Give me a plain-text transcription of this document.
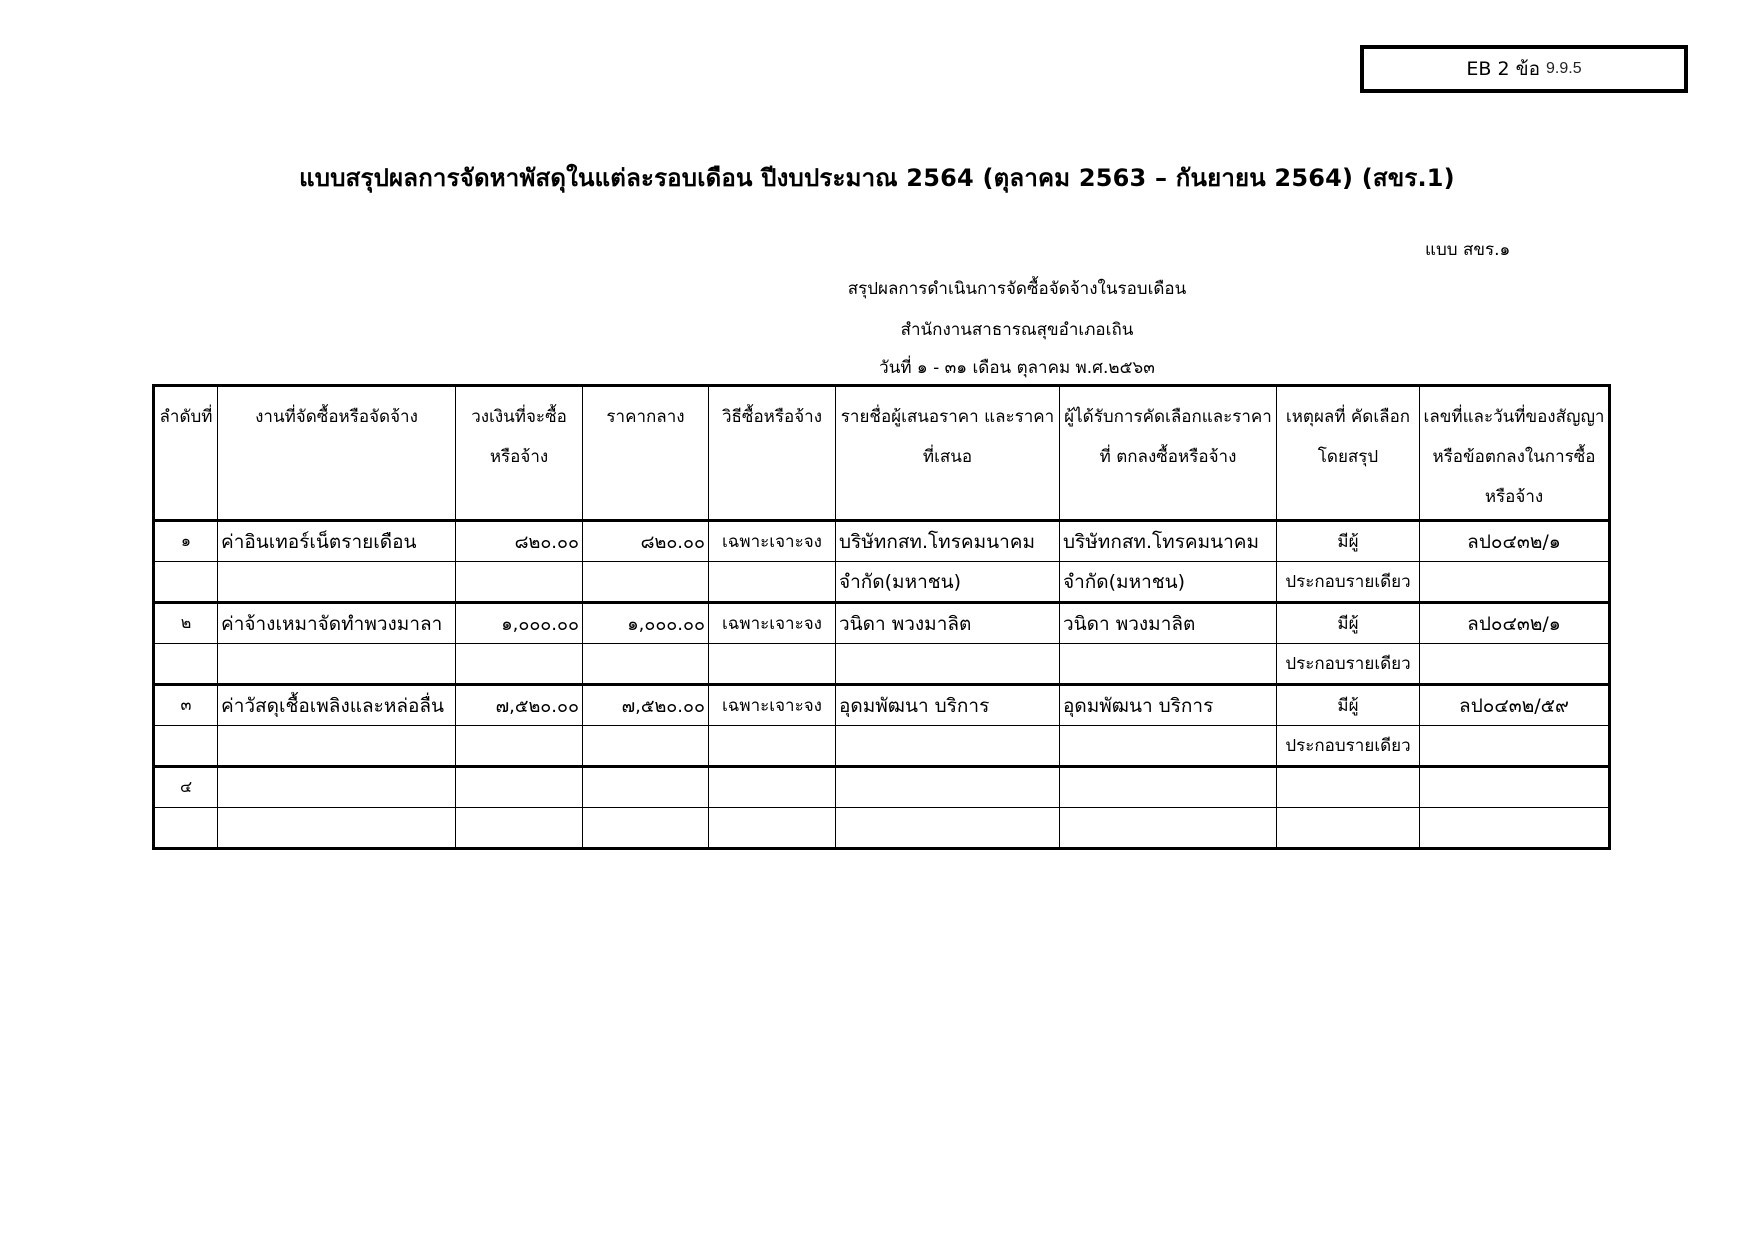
EB 2 ข้อ 9.9.5
แบบสรุปผลการจัดหาพัสดุในแต่ละรอบเดือน ปีงบประมาณ 2564 (ตุลาคม 2563 – กันยายน 2564) (สขร.1)
แบบ สขร.๑
สรุปผลการดำเนินการจัดซื้อจัดจ้างในรอบเดือน
สำนักงานสาธารณสุขอำเภอเถิน
วันที่ ๑ - ๓๑ เดือน ตุลาคม พ.ศ.๒๕๖๓
ลำดับที่	งานที่จัดซื้อหรือจัดจ้าง	วงเงินที่จะซื้อ หรือจ้าง	ราคากลาง	วิธีซื้อหรือจ้าง	รายชื่อผู้เสนอราคา และราคาที่เสนอ	ผู้ได้รับการคัดเลือกและราคาที่ ตกลงซื้อหรือจ้าง	เหตุผลที่ คัดเลือก โดยสรุป	เลขที่และวันที่ของสัญญา หรือข้อตกลงในการซื้อ หรือจ้าง

๑	ค่าอินเทอร์เน็ตรายเดือน	๘๒๐.๐๐	๘๒๐.๐๐	เฉพาะเจาะจง	บริษัทกสท.โทรคมนาคม	บริษัทกสท.โทรคมนาคม	มีผู้	ลป๐๔๓๒/๑
					จำกัด(มหาชน)	จำกัด(มหาชน)	ประกอบรายเดียว	
๒	ค่าจ้างเหมาจัดทำพวงมาลา	๑,๐๐๐.๐๐	๑,๐๐๐.๐๐	เฉพาะเจาะจง	วนิดา พวงมาลิต	วนิดา พวงมาลิต	มีผู้	ลป๐๔๓๒/๑
							ประกอบรายเดียว	
๓	ค่าวัสดุเชื้อเพลิงและหล่อลื่น	๗,๕๒๐.๐๐	๗,๕๒๐.๐๐	เฉพาะเจาะจง	อุดมพัฒนา บริการ	อุดมพัฒนา บริการ	มีผู้	ลป๐๔๓๒/๕๙
							ประกอบรายเดียว	
๔								
